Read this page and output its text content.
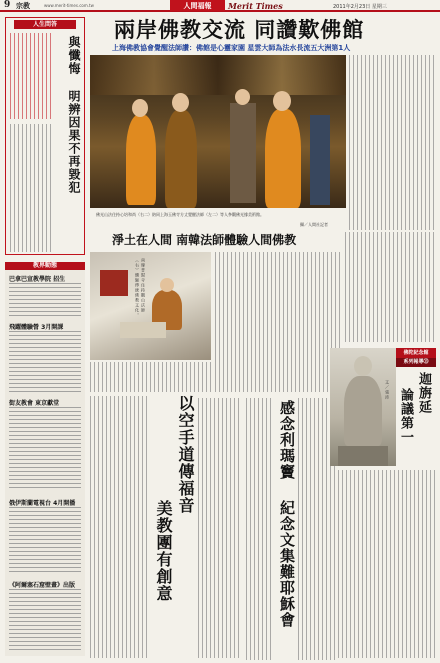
9 宗教	www.merit-times.com.tw	人間福報	Merit Times	2011年2月23日 星期三
人生問答
與懺悔
明辨因果不再毀犯
教界動態
巴拿巴宣教學院 招生
飛躍體驗營 3月開課
街友教會 東京獻堂
俄伊斯蘭電視台 4月開播
《阿爾塞石窟壁畫》出版
兩岸佛教交流 同讚歎佛館
上海佛教協會覺醒法師讚：佛館是心靈家園 星雲大師為法水長流五大洲第1人
佛光山法住持心培和尚（右二）陪同上海玉佛寺方丈覺醒法師（左二）等人參觀佛光緣美術館。
攝／人間社記者
淨土在人間 南韓法師體驗人間佛教
南韓普賢寺住持觀山法師（右）體驗傳統佛教文化。
以空手道傳福音
美教團有創意
感念利瑪竇
紀念文集難耶穌會
佛陀紀念館
系列報導⑬
迦旃延
論議第一
文／張沛
